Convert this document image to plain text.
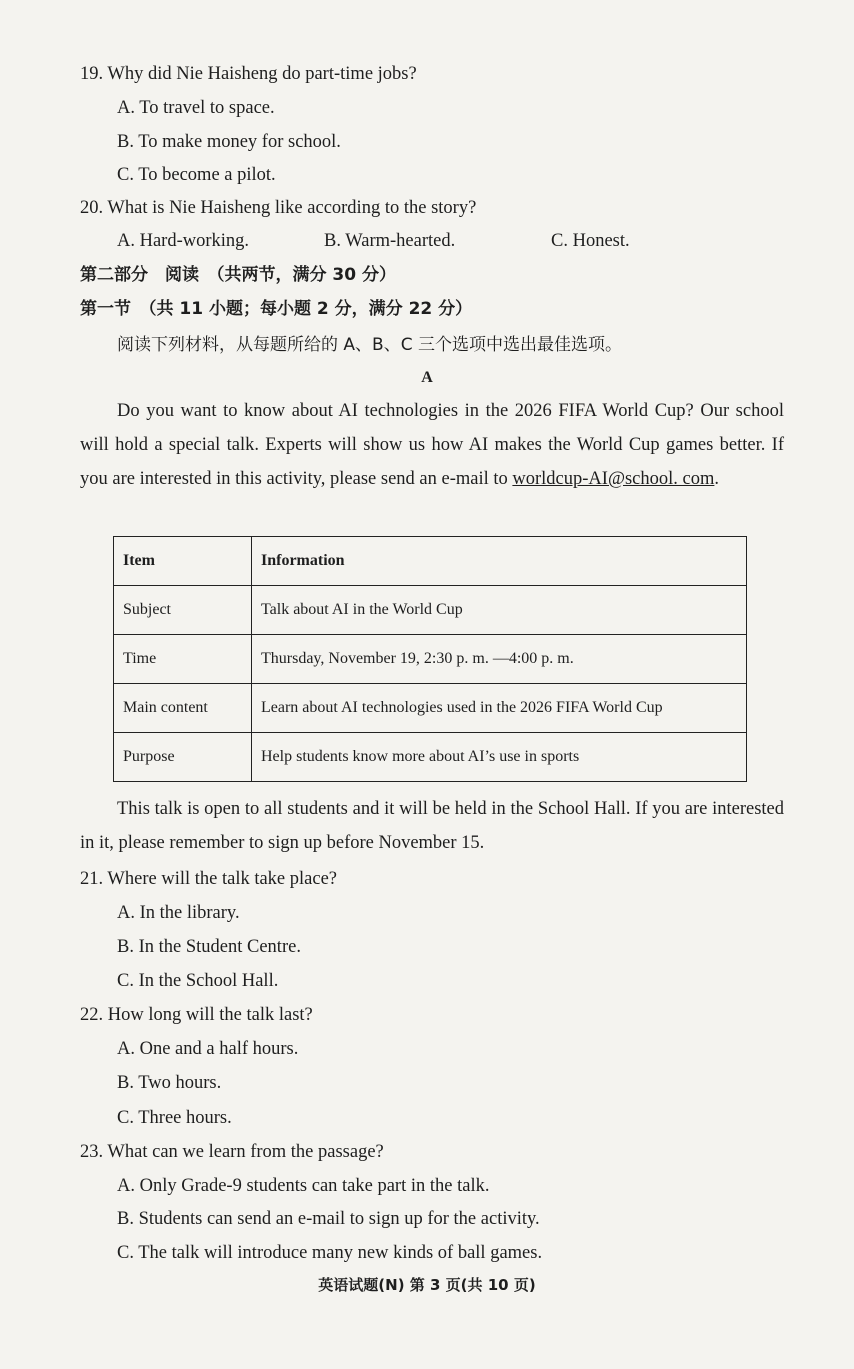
19. Why did Nie Haisheng do part-time jobs?
A. To travel to space.
B. To make money for school.
C. To become a pilot.
20. What is Nie Haisheng like according to the story?
A. Hard-working.	B. Warm-hearted.	C. Honest.
第二部分　阅读　（共两节，满分 30 分）
第一节　（共 11 小题；每小题 2 分，满分 22 分）
阅读下列材料，从每题所给的 A、B、C 三个选项中选出最佳选项。
A
Do you want to know about AI technologies in the 2026 FIFA World Cup? Our school will hold a special talk. Experts will show us how AI makes the World Cup games better. If you are interested in this activity, please send an e-mail to worldcup-AI@school. com.
Item	Information
Subject	Talk about AI in the World Cup
Time	Thursday, November 19, 2:30 p. m. —4:00 p. m.
Main content	Learn about AI technologies used in the 2026 FIFA World Cup
Purpose	Help students know more about AI’s use in sports
This talk is open to all students and it will be held in the School Hall. If you are interested in it, please remember to sign up before November 15.
21. Where will the talk take place?
A. In the library.
B. In the Student Centre.
C. In the School Hall.
22. How long will the talk last?
A. One and a half hours.
B. Two hours.
C. Three hours.
23. What can we learn from the passage?
A. Only Grade-9 students can take part in the talk.
B. Students can send an e-mail to sign up for the activity.
C. The talk will introduce many new kinds of ball games.
英语试题(N) 第 3 页(共 10 页)
